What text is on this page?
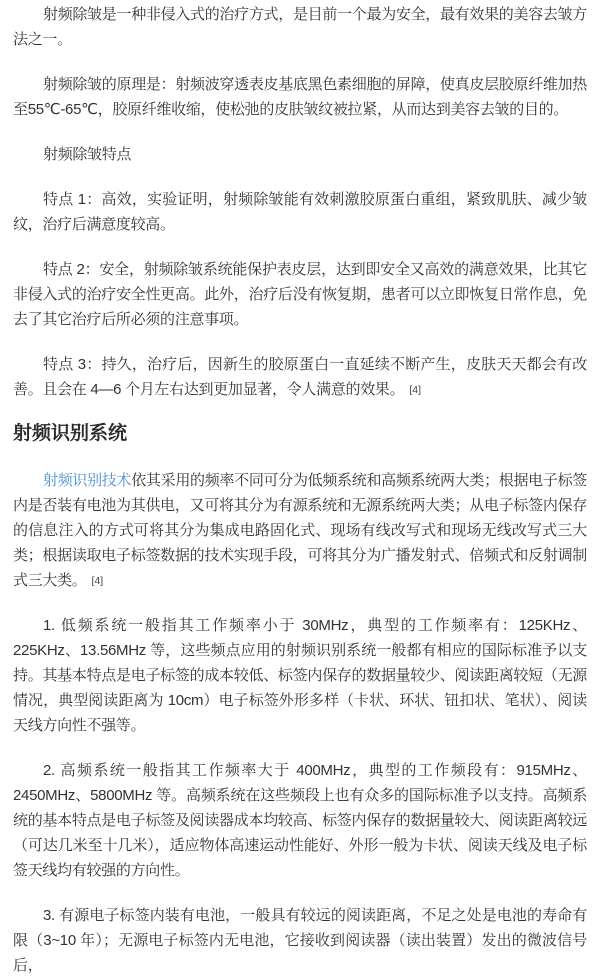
射频除皱是一种非侵入式的治疗方式，是目前一个最为安全，最有效果的美容去皱方法之一。

射频除皱的原理是：射频波穿透表皮基底黑色素细胞的屏障，使真皮层胶原纤维加热至55℃-65℃，胶原纤维收缩，使松弛的皮肤皱纹被拉紧，从而达到美容去皱的目的。

射频除皱特点

特点 1：高效，实验证明，射频除皱能有效刺激胶原蛋白重组，紧致肌肤、减少皱纹，治疗后满意度较高。

特点 2：安全，射频除皱系统能保护表皮层，达到即安全又高效的满意效果，比其它非侵入式的治疗安全性更高。此外，治疗后没有恢复期，患者可以立即恢复日常作息，免去了其它治疗后所必须的注意事项。

特点 3：持久，治疗后，因新生的胶原蛋白一直延续不断产生，皮肤天天都会有改善。且会在 4—6 个月左右达到更加显著，令人满意的效果。 [4]

射频识别系统

射频识别技术依其采用的频率不同可分为低频系统和高频系统两大类；根据电子标签内是否装有电池为其供电，又可将其分为有源系统和无源系统两大类；从电子标签内保存的信息注入的方式可将其分为集成电路固化式、现场有线改写式和现场无线改写式三大类；根据读取电子标签数据的技术实现手段，可将其分为广播发射式、倍频式和反射调制式三大类。 [4]

1. 低频系统一般指其工作频率小于 30MHz，典型的工作频率有：125KHz、225KHz、13.56MHz 等，这些频点应用的射频识别系统一般都有相应的国际标准予以支持。其基本特点是电子标签的成本较低、标签内保存的数据量较少、阅读距离较短（无源情况，典型阅读距离为 10cm）电子标签外形多样（卡状、环状、钮扣状、笔状）、阅读天线方向性不强等。

2. 高频系统一般指其工作频率大于 400MHz，典型的工作频段有：915MHz、2450MHz、5800MHz 等。高频系统在这些频段上也有众多的国际标准予以支持。高频系统的基本特点是电子标签及阅读器成本均较高、标签内保存的数据量较大、阅读距离较远（可达几米至十几米），适应物体高速运动性能好、外形一般为卡状、阅读天线及电子标签天线均有较强的方向性。

3. 有源电子标签内装有电池，一般具有较远的阅读距离，不足之处是电池的寿命有限（3~10 年）；无源电子标签内无电池，它接收到阅读器（读出装置）发出的微波信号后，
